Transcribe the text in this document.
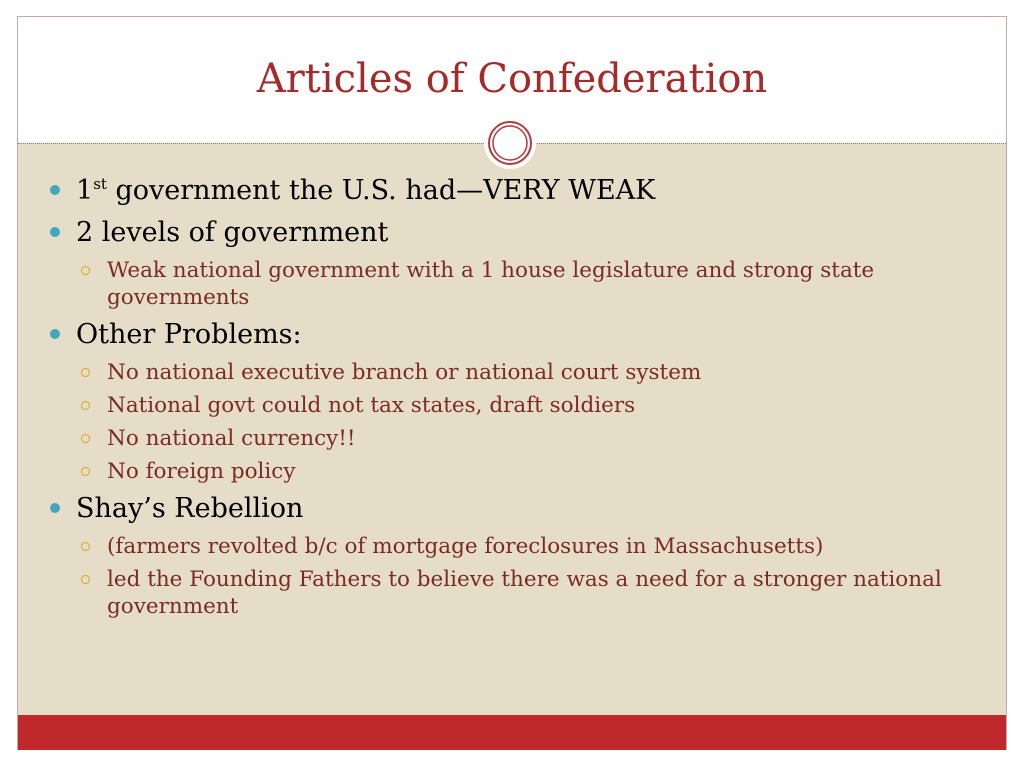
Articles of Confederation
1st government the U.S. had—VERY WEAK
2 levels of government
Weak national government with a 1 house legislature and strong state governments
Other Problems:
No national executive branch or national court system
National govt could not tax states, draft soldiers
No national currency!!
No foreign policy
Shay’s Rebellion
(farmers revolted b/c of mortgage foreclosures in Massachusetts)
led the Founding Fathers to believe there was a need for a stronger national government
